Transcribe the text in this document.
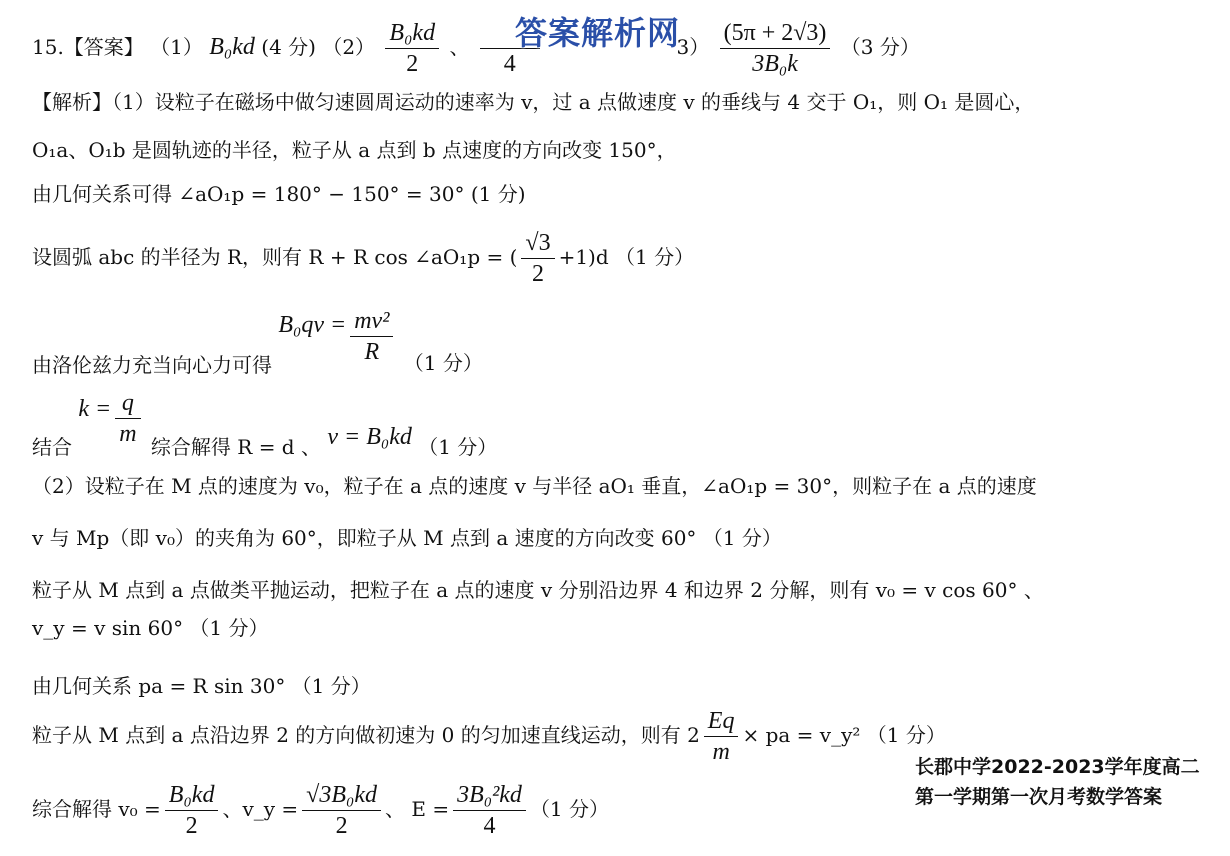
15.【答案】 （1） B₀kd (4 分) $(2) \frac{\text{B₀kd}}{2}$ 、
4
$3) \frac{(5\pi + 2√3)}{\text{3B₀k}} (3$ 分）
答案解析网
【解析】（1）设粒子在磁场中做匀速圆周运动的速率为 v，过 a 点做速度 v 的垂线与 4 交于 O₁，则 O₁ 是圆心，
O₁a、O₁b 是圆轨迹的半径，粒子从 a 点到 b 点速度的方向改变 150°，
由几何关系可得 ∠aO₁p = 180° − 150° = 30° (1 分)
设圆弧 abc 的半径为 R，则有 R + R cos ∠aO₁p = ( $\frac{√3}{2} +1)d$ （1 分）
由洛伦兹力充当向心力可得 $B_0qv = \frac{\text{mv²}}{R} (1$ 分）
结合 $k = \frac{q}{m}$ 综合解得 R = d 、 v = B₀kd （1 分）
（2）设粒子在 M 点的速度为 v₀，粒子在 a 点的速度 v 与半径 aO₁ 垂直，∠aO₁p = 30°，则粒子在 a 点的速度
v 与 Mp（即 v₀）的夹角为 60°，即粒子从 M 点到 a 速度的方向改变 60° （1 分）
粒子从 M 点到 a 点做类平抛运动，把粒子在 a 点的速度 v 分别沿边界 4 和边界 2 分解，则有 v₀ = v cos 60° 、
v_y = v sin 60° （1 分）
由几何关系 pa = R sin 30° （1 分）
粒子从 M 点到 a 点沿边界 2 的方向做初速为 0 的匀加速直线运动，则有 $2 \frac{Eq}{m}$ × pa = v_y² （1 分）
综合解得 $v_0 = \frac{\text{B₀kd}}{2}$ 、v_y = $\frac{\text{√3B₀kd}}{2}$ 、 $E = \frac{\text{3B₀²kd}}{4} (1$ 分）
长郡中学2022-2023学年度高二第一学期第一次月考数学答案
